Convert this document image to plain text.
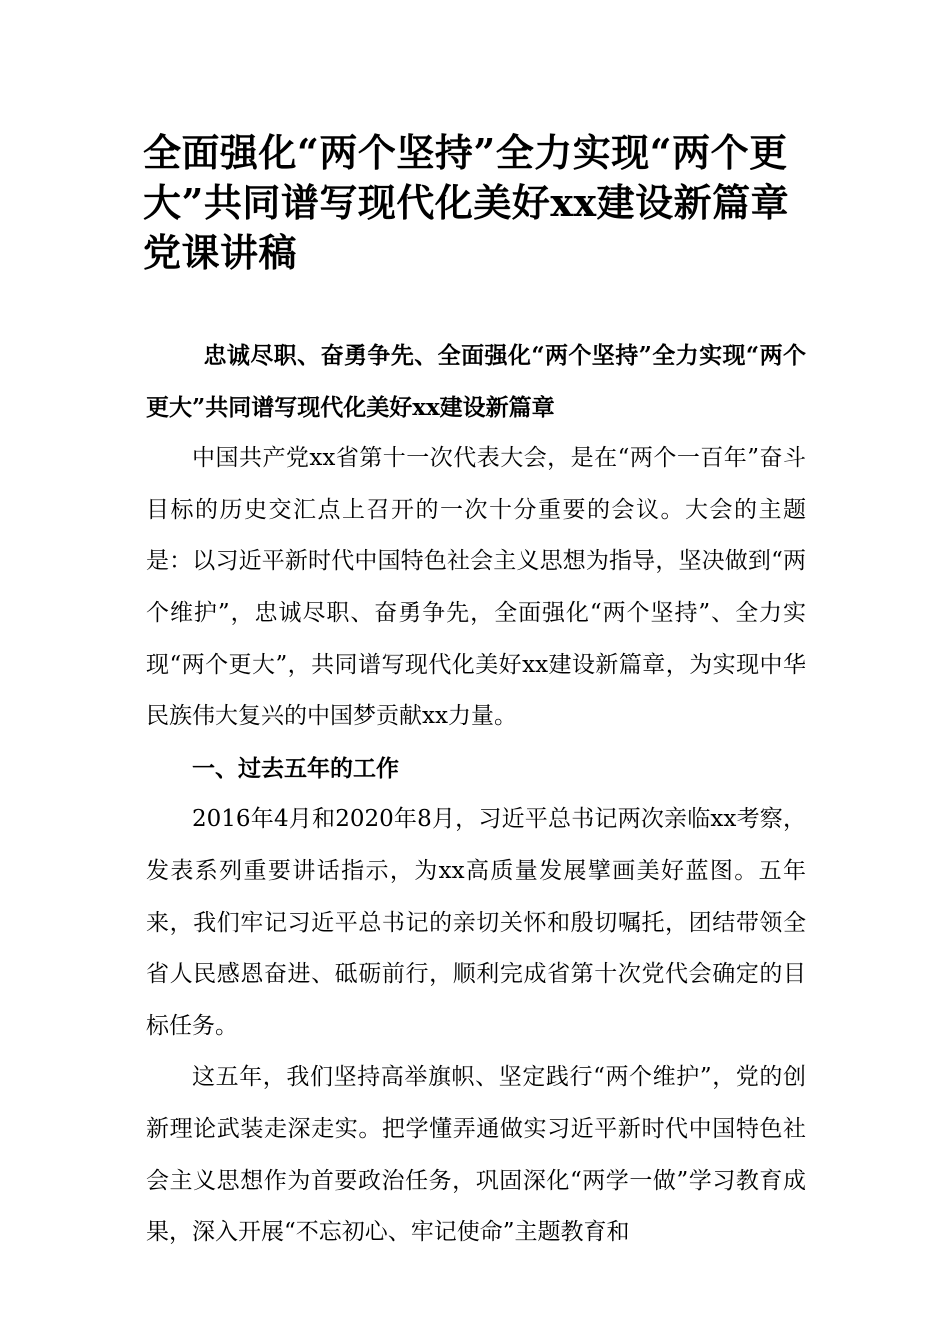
全面强化“两个坚持”全力实现“两个更大”共同谱写现代化美好xx建设新篇章党课讲稿

忠诚尽职、奋勇争先、全面强化“两个坚持”全力实现“两个更大”共同谱写现代化美好xx建设新篇章

中国共产党xx省第十一次代表大会，是在“两个一百年”奋斗目标的历史交汇点上召开的一次十分重要的会议。大会的主题是：以习近平新时代中国特色社会主义思想为指导，坚决做到“两个维护”，忠诚尽职、奋勇争先，全面强化“两个坚持”、全力实现“两个更大”，共同谱写现代化美好xx建设新篇章，为实现中华民族伟大复兴的中国梦贡献xx力量。

一、过去五年的工作

2016年4月和2020年8月，习近平总书记两次亲临xx考察，发表系列重要讲话指示，为xx高质量发展擘画美好蓝图。五年来，我们牢记习近平总书记的亲切关怀和殷切嘱托，团结带领全省人民感恩奋进、砥砺前行，顺利完成省第十次党代会确定的目标任务。

这五年，我们坚持高举旗帜、坚定践行“两个维护”，党的创新理论武装走深走实。把学懂弄通做实习近平新时代中国特色社会主义思想作为首要政治任务，巩固深化“两学一做”学习教育成果，深入开展“不忘初心、牢记使命”主题教育和
